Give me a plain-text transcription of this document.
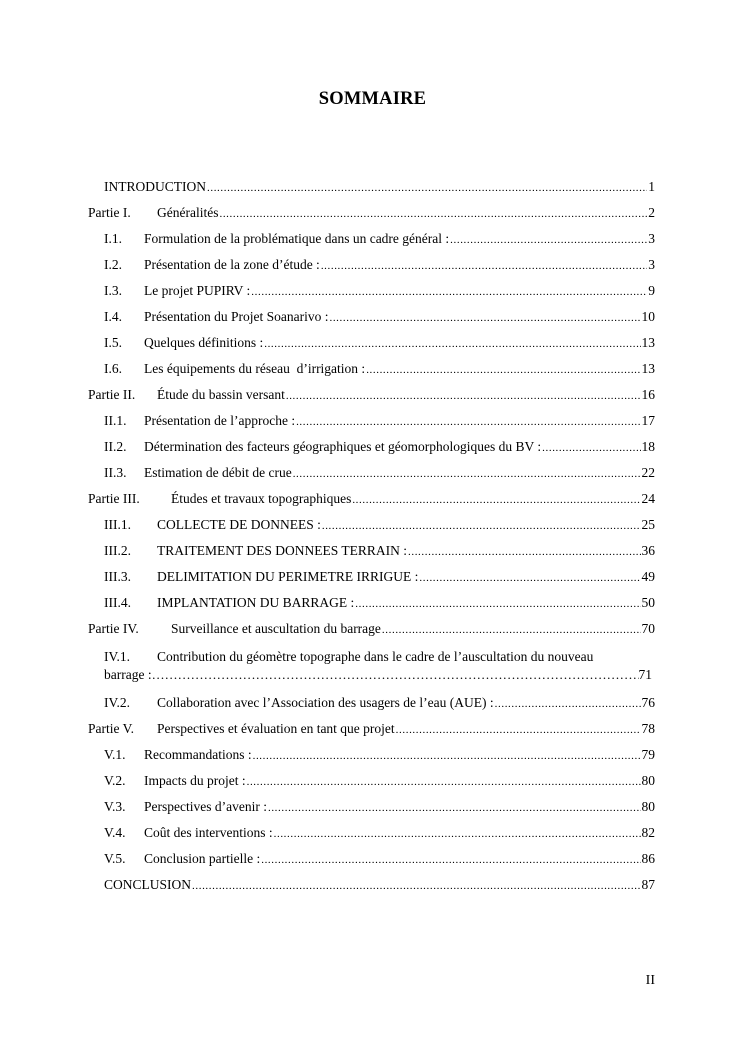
SOMMAIRE
INTRODUCTION .....	1
Partie I.	Généralités .....	2
I.1.	Formulation de la problématique dans un cadre général : .....	3
I.2.	Présentation de la zone d’étude : .....	3
I.3.	Le projet PUPIRV : .....	9
I.4.	Présentation du Projet Soanarivo : .....	10
I.5.	Quelques définitions : .....	13
I.6.	Les équipements du réseau  d’irrigation : .....	13
Partie II.	Étude du bassin versant .....	16
II.1.	Présentation de l’approche : .....	17
II.2.	Détermination des facteurs géographiques et géomorphologiques du BV : .....	18
II.3.	Estimation de débit de crue .....	22
Partie III.	Études et travaux topographiques .....	24
III.1.	COLLECTE DE DONNEES : .....	25
III.2.	TRAITEMENT DES DONNEES TERRAIN : .....	36
III.3.	DELIMITATION DU PERIMETRE IRRIGUE : .....	49
III.4.	IMPLANTATION DU BARRAGE : .....	50
Partie IV.	Surveillance et auscultation du barrage .....	70
IV.1.	Contribution du géomètre topographe dans le cadre de l’auscultation du nouveau
barrage : …………………………………………………………………………………………………………………………………………	71
IV.2.	Collaboration avec l’Association des usagers de l’eau (AUE) : .....	76
Partie V.	Perspectives et évaluation en tant que projet .....	78
V.1.	Recommandations : .....	79
V.2.	Impacts du projet : .....	80
V.3.	Perspectives d’avenir : .....	80
V.4.	Coût des interventions : .....	82
V.5.	Conclusion partielle : .....	86
CONCLUSION .....	87
II
